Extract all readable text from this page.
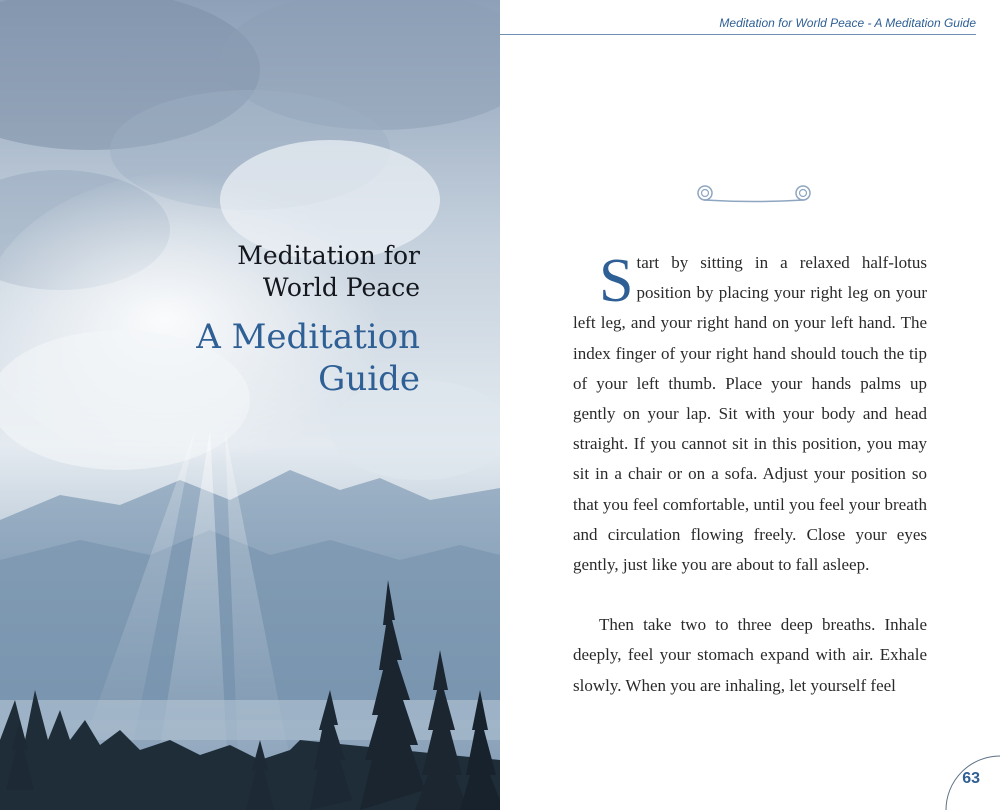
Meditation for
World Peace

A Meditation
Guide

Meditation for World Peace - A Meditation Guide

Start by sitting in a relaxed half-lotus position by placing your right leg on your left leg, and your right hand on your left hand. The index finger of your right hand should touch the tip of your left thumb. Place your hands palms up gently on your lap. Sit with your body and head straight. If you cannot sit in this position, you may sit in a chair or on a sofa. Adjust your position so that you feel comfortable, until you feel your breath and circulation flowing freely. Close your eyes gently, just like you are about to fall asleep.

Then take two to three deep breaths. Inhale deeply, feel your stomach expand with air. Exhale slowly. When you are inhaling, let yourself feel

63
